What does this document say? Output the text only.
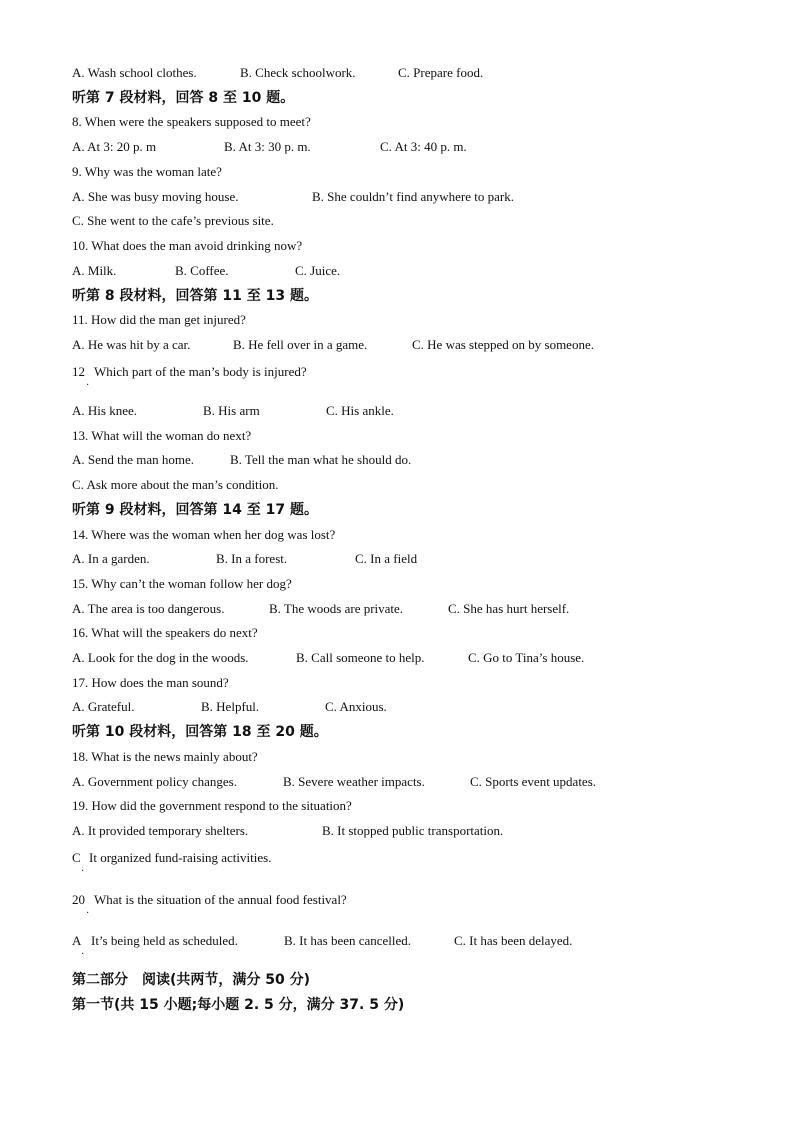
A. Wash school clothes.	B. Check schoolwork.	C. Prepare food.
听第 7 段材料，回答 8 至 10 题。
8. When were the speakers supposed to meet?
A. At 3: 20 p. m	B. At 3: 30 p. m.	C. At 3: 40 p. m.
9. Why was the woman late?
A. She was busy moving house.	B. She couldn’t find anywhere to park.
C. She went to the cafe’s previous site.
10. What does the man avoid drinking now?
A. Milk.	B. Coffee.	C. Juice.
听第 8 段材料，回答第 11 至 13 题。
11. How did the man get injured?
A. He was hit by a car.	B. He fell over in a game.	C. He was stepped on by someone.
12 Which part of the man’s body is injured?
·
A. His knee.	B. His arm	C. His ankle.
13. What will the woman do next?
A. Send the man home.	B. Tell the man what he should do.
C. Ask more about the man’s condition.
听第 9 段材料，回答第 14 至 17 题。
14. Where was the woman when her dog was lost?
A. In a garden.	B. In a forest.	C. In a field
15. Why can’t the woman follow her dog?
A. The area is too dangerous.	B. The woods are private.	C. She has hurt herself.
16. What will the speakers do next?
A. Look for the dog in the woods.	B. Call someone to help.	C. Go to Tina’s house.
17. How does the man sound?
A. Grateful.	B. Helpful.	C. Anxious.
听第 10 段材料，回答第 18 至 20 题。
18. What is the news mainly about?
A. Government policy changes.	B. Severe weather impacts.	C. Sports event updates.
19. How did the government respond to the situation?
A. It provided temporary shelters.	B. It stopped public transportation.
C It organized fund-raising activities.
·
20 What is the situation of the annual food festival?
·
A It’s being held as scheduled.	B. It has been cancelled.	C. It has been delayed.
·
第二部分　阅读(共两节，满分 50 分)
第一节(共 15 小题;每小题 2. 5 分，满分 37. 5 分)
